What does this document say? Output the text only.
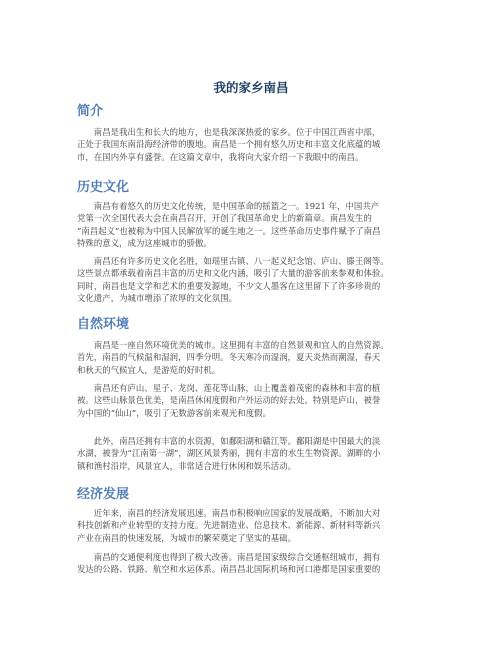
我的家乡南昌
简介
南昌是我出生和长大的地方，也是我深深热爱的家乡。位于中国江西省中部，
正处于我国东南沿海经济带的腹地。南昌是一个拥有悠久历史和丰富文化底蕴的城
市，在国内外享有盛誉。在这篇文章中，我将向大家介绍一下我眼中的南昌。
历史文化
南昌有着悠久的历史文化传统，是中国革命的摇篮之一。1921 年，中国共产
党第一次全国代表大会在南昌召开，开创了我国革命史上的新篇章。南昌发生的
“南昌起义”也被称为中国人民解放军的诞生地之一。这些革命历史事件赋予了南昌
特殊的意义，成为这座城市的骄傲。
南昌还有许多历史文化名胜，如瑶里古镇、八一起义纪念馆、庐山、滕王阁等。
这些景点都承载着南昌丰富的历史和文化内涵，吸引了大量的游客前来参观和体验。
同时，南昌也是文学和艺术的重要发源地，不少文人墨客在这里留下了许多珍贵的
文化遗产，为城市增添了浓厚的文化氛围。
自然环境
南昌是一座自然环境优美的城市。这里拥有丰富的自然景观和宜人的自然资源。
首先，南昌的气候温和湿润，四季分明。冬天寒冷而湿润，夏天炎热而潮湿，春天
和秋天的气候宜人，是游览的好时机。
南昌还有庐山、星子、龙岗、莲花等山脉，山上覆盖着茂密的森林和丰富的植
被。这些山脉景色优美，是南昌休闲度假和户外运动的好去处。特别是庐山，被誉
为中国的“仙山”，吸引了无数游客前来观光和度假。
此外，南昌还拥有丰富的水资源，如鄱阳湖和赣江等。鄱阳湖是中国最大的淡
水湖，被誉为“江南第一湖”，湖区风景秀丽，拥有丰富的水生生物资源。湖畔的小
镇和渔村沿岸，风景宜人，非常适合进行休闲和娱乐活动。
经济发展
近年来，南昌的经济发展迅速。南昌市积极响应国家的发展战略，不断加大对
科技创新和产业转型的支持力度。先进制造业、信息技术、新能源、新材料等新兴
产业在南昌的快速发展，为城市的繁荣奠定了坚实的基础。
南昌的交通便利度也得到了极大改善。南昌是国家级综合交通枢纽城市，拥有
发达的公路、铁路、航空和水运体系。南昌昌北国际机场和河口港都是国家重要的
